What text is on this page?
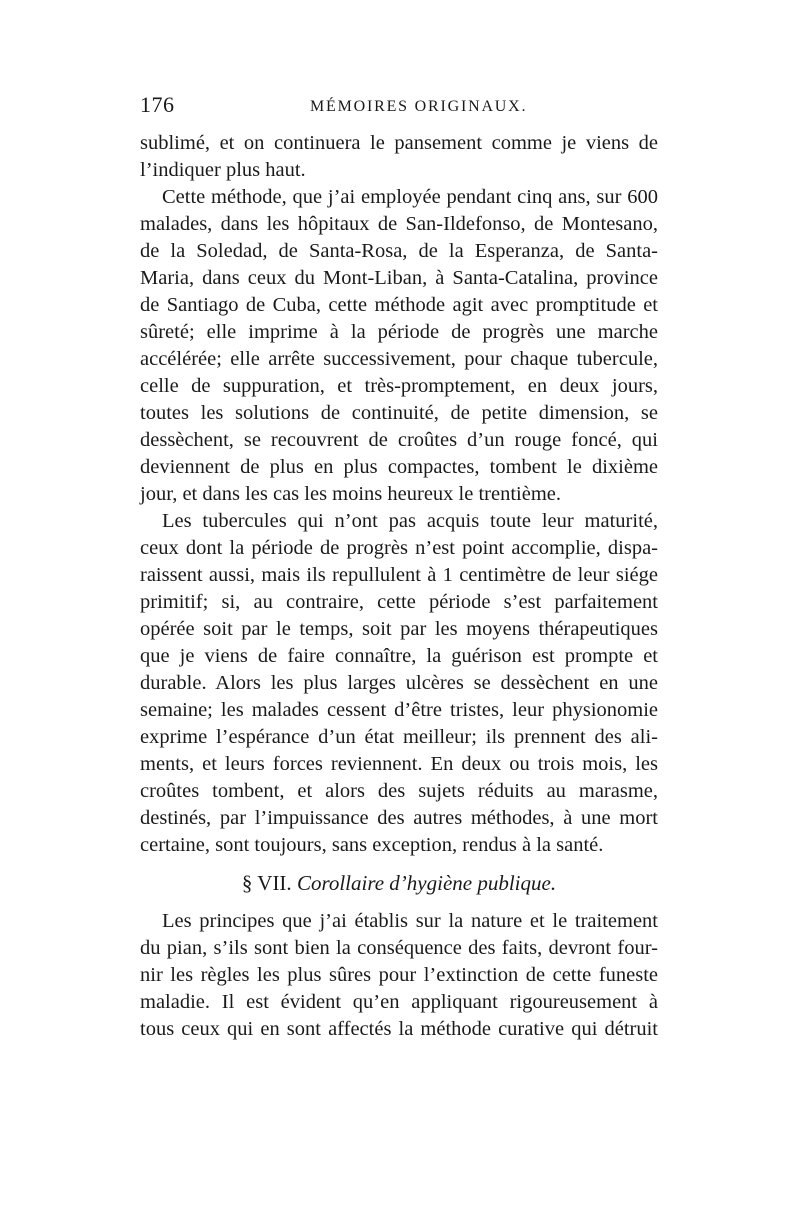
176	MÉMOIRES ORIGINAUX.
sublimé, et on continuera le pansement comme je viens de
l’indiquer plus haut.
Cette méthode, que j’ai employée pendant cinq ans, sur 600
malades, dans les hôpitaux de San-Ildefonso, de Montesano,
de la Soledad, de Santa-Rosa, de la Esperanza, de Santa-
Maria, dans ceux du Mont-Liban, à Santa-Catalina, province
de Santiago de Cuba, cette méthode agit avec promptitude et
sûreté; elle imprime à la période de progrès une marche
accélérée; elle arrête successivement, pour chaque tubercule,
celle de suppuration, et très-promptement, en deux jours,
toutes les solutions de continuité, de petite dimension, se
dessèchent, se recouvrent de croûtes d’un rouge foncé, qui
deviennent de plus en plus compactes, tombent le dixième
jour, et dans les cas les moins heureux le trentième.
Les tubercules qui n’ont pas acquis toute leur maturité,
ceux dont la période de progrès n’est point accomplie, dispa-
raissent aussi, mais ils repullulent à 1 centimètre de leur siége
primitif; si, au contraire, cette période s’est parfaitement
opérée soit par le temps, soit par les moyens thérapeutiques
que je viens de faire connaître, la guérison est prompte et
durable. Alors les plus larges ulcères se dessèchent en une
semaine; les malades cessent d’être tristes, leur physionomie
exprime l’espérance d’un état meilleur; ils prennent des ali-
ments, et leurs forces reviennent. En deux ou trois mois, les
croûtes tombent, et alors des sujets réduits au marasme,
destinés, par l’impuissance des autres méthodes, à une mort
certaine, sont toujours, sans exception, rendus à la santé.
§ VII. Corollaire d’hygiène publique.
Les principes que j’ai établis sur la nature et le traitement
du pian, s’ils sont bien la conséquence des faits, devront four-
nir les règles les plus sûres pour l’extinction de cette funeste
maladie. Il est évident qu’en appliquant rigoureusement à
tous ceux qui en sont affectés la méthode curative qui détruit
